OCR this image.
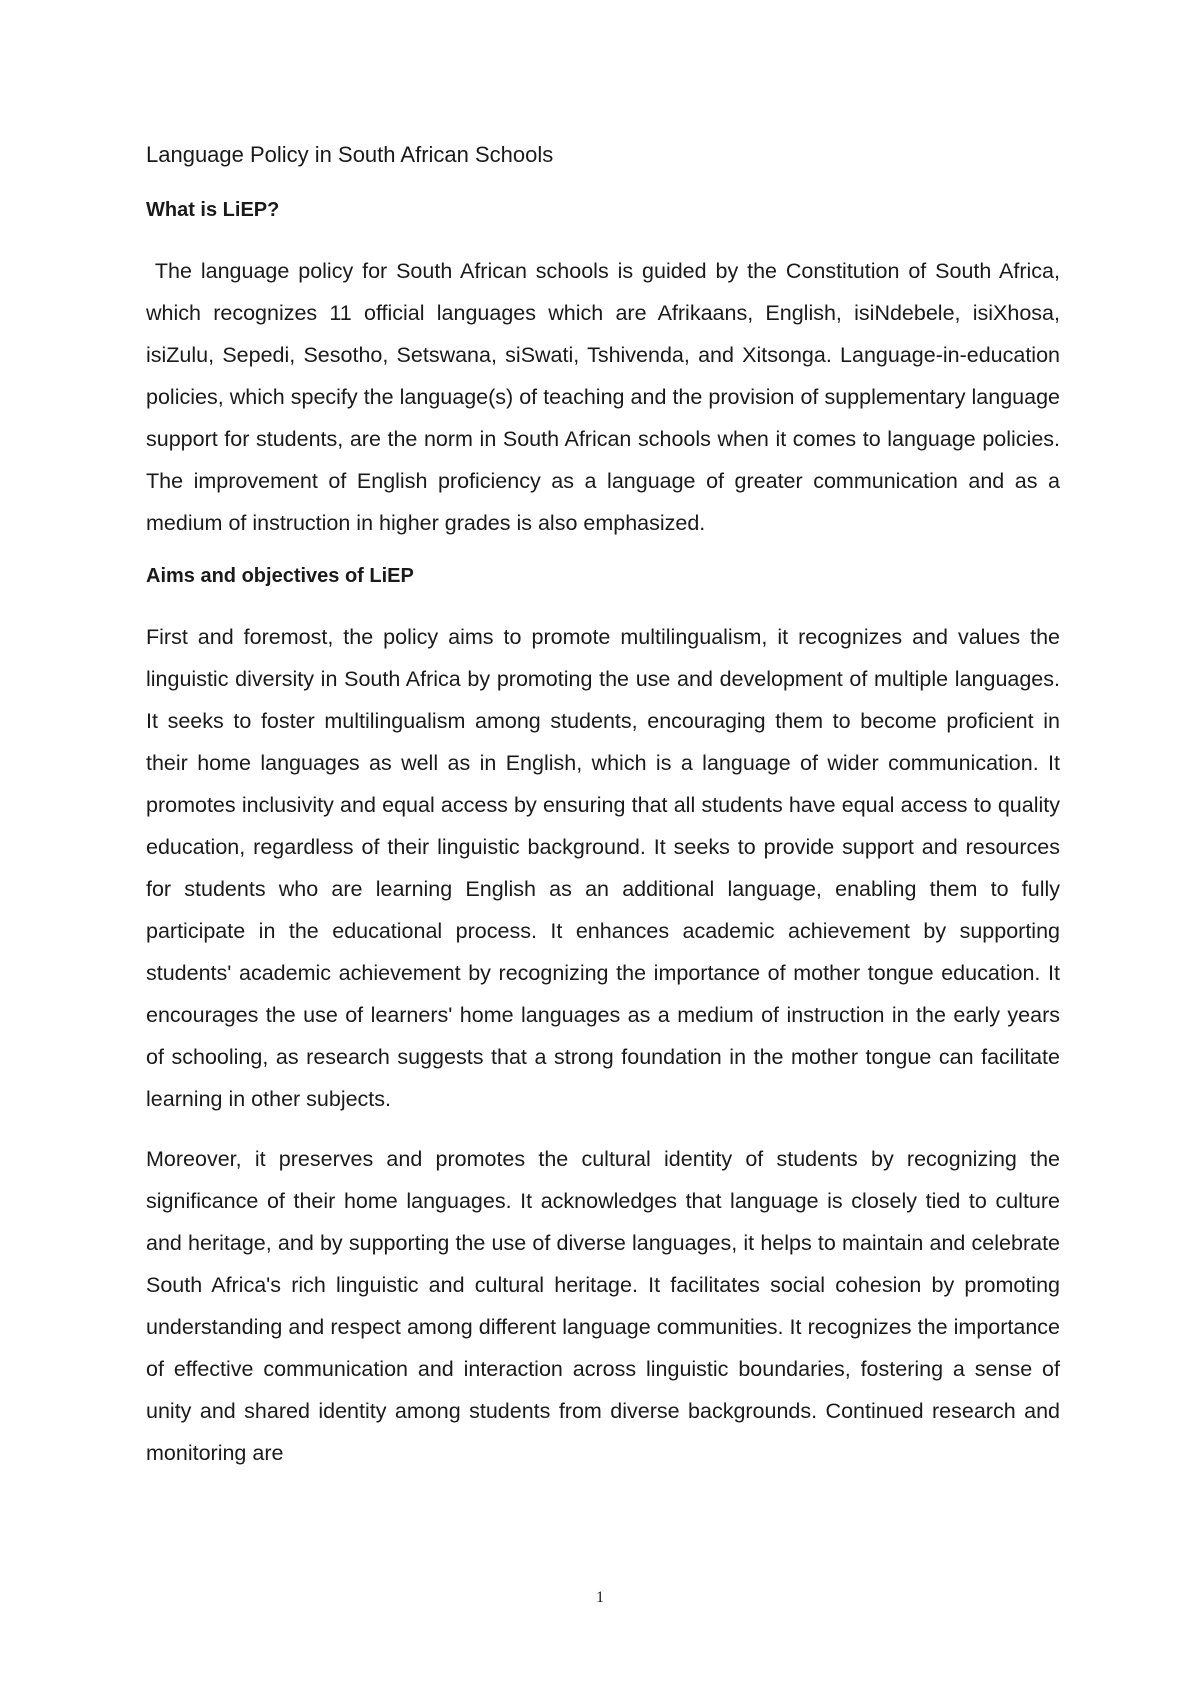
Language Policy in South African Schools
What is LiEP?

The language policy for South African schools is guided by the Constitution of South Africa, which recognizes 11 official languages which are Afrikaans, English, isiNdebele, isiXhosa, isiZulu, Sepedi, Sesotho, Setswana, siSwati, Tshivenda, and Xitsonga. Language-in-education policies, which specify the language(s) of teaching and the provision of supplementary language support for students, are the norm in South African schools when it comes to language policies. The improvement of English proficiency as a language of greater communication and as a medium of instruction in higher grades is also emphasized.

Aims and objectives of LiEP

First and foremost, the policy aims to promote multilingualism, it recognizes and values the linguistic diversity in South Africa by promoting the use and development of multiple languages. It seeks to foster multilingualism among students, encouraging them to become proficient in their home languages as well as in English, which is a language of wider communication. It promotes inclusivity and equal access by ensuring that all students have equal access to quality education, regardless of their linguistic background. It seeks to provide support and resources for students who are learning English as an additional language, enabling them to fully participate in the educational process. It enhances academic achievement by supporting students' academic achievement by recognizing the importance of mother tongue education. It encourages the use of learners' home languages as a medium of instruction in the early years of schooling, as research suggests that a strong foundation in the mother tongue can facilitate learning in other subjects.

Moreover, it preserves and promotes the cultural identity of students by recognizing the significance of their home languages. It acknowledges that language is closely tied to culture and heritage, and by supporting the use of diverse languages, it helps to maintain and celebrate South Africa's rich linguistic and cultural heritage. It facilitates social cohesion by promoting understanding and respect among different language communities. It recognizes the importance of effective communication and interaction across linguistic boundaries, fostering a sense of unity and shared identity among students from diverse backgrounds. Continued research and monitoring are

1
